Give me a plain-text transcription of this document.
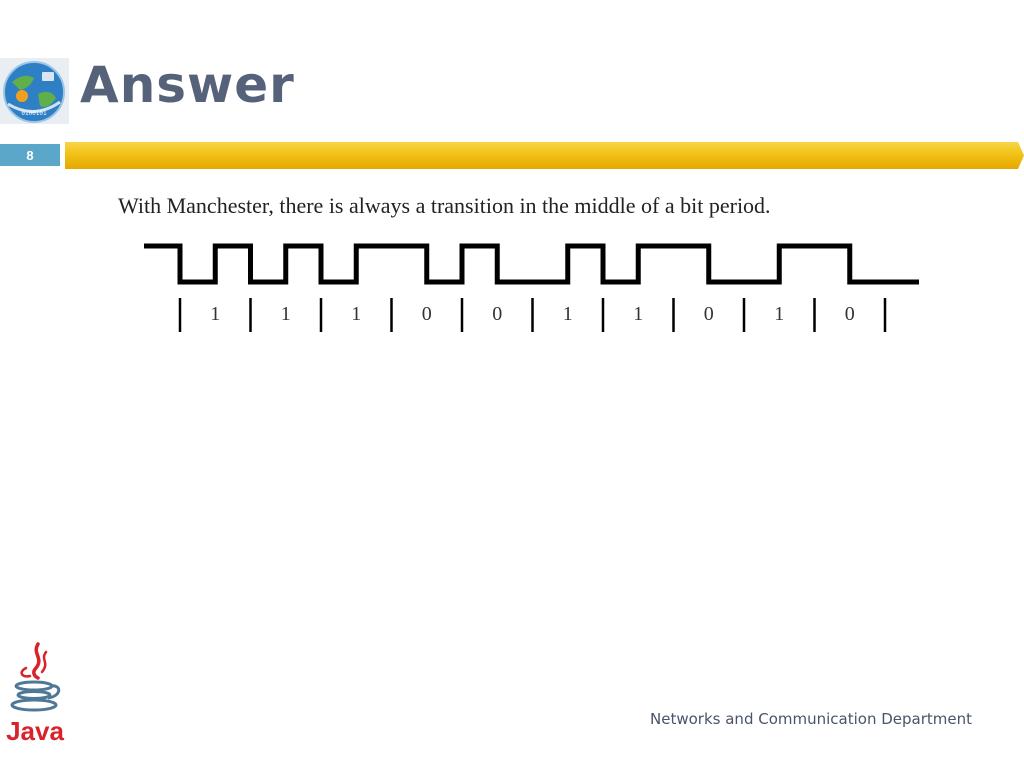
0100101 Answer
8

With Manchester, there is always a transition in the middle of a bit period.

1	1	1	0	0	1	1	0	1	0
Java	Networks and Communication Department
